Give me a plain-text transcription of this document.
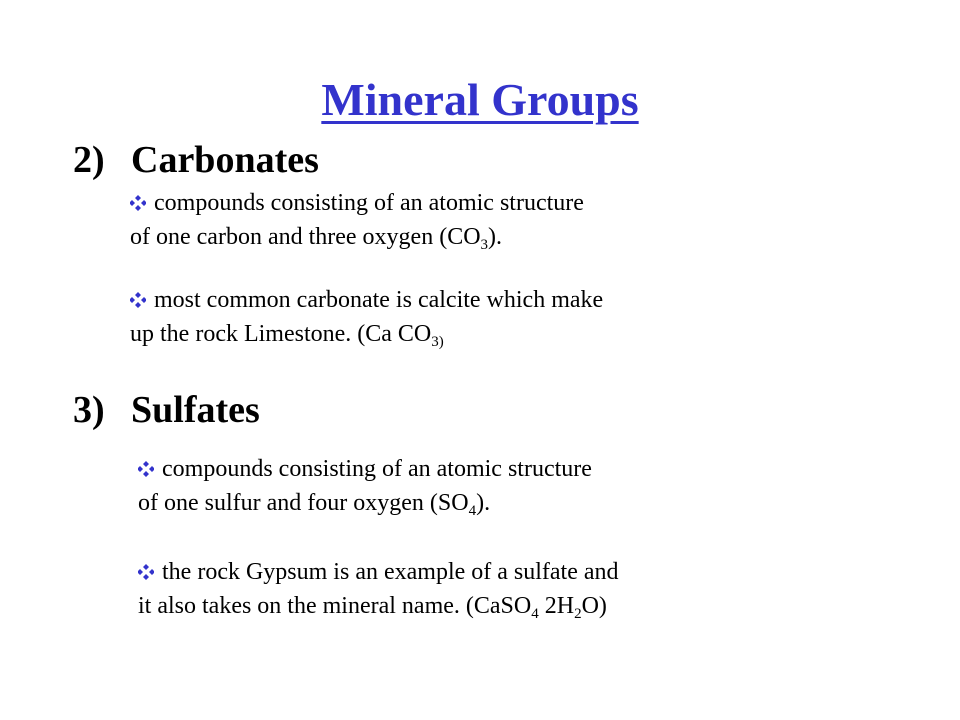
Mineral Groups
2) Carbonates
compounds consisting of an atomic structure
of one carbon and three oxygen $(CO_3)$.
most common carbonate is calcite which make
up the rock Limestone. (Ca $CO_{3)}$
3) Sulfates
compounds consisting of an atomic structure
of one sulfur and four oxygen $(SO_4)$.
the rock Gypsum is an example of a sulfate and
it also takes on the mineral name. (CaSO$_4$ $2H_2O$)
